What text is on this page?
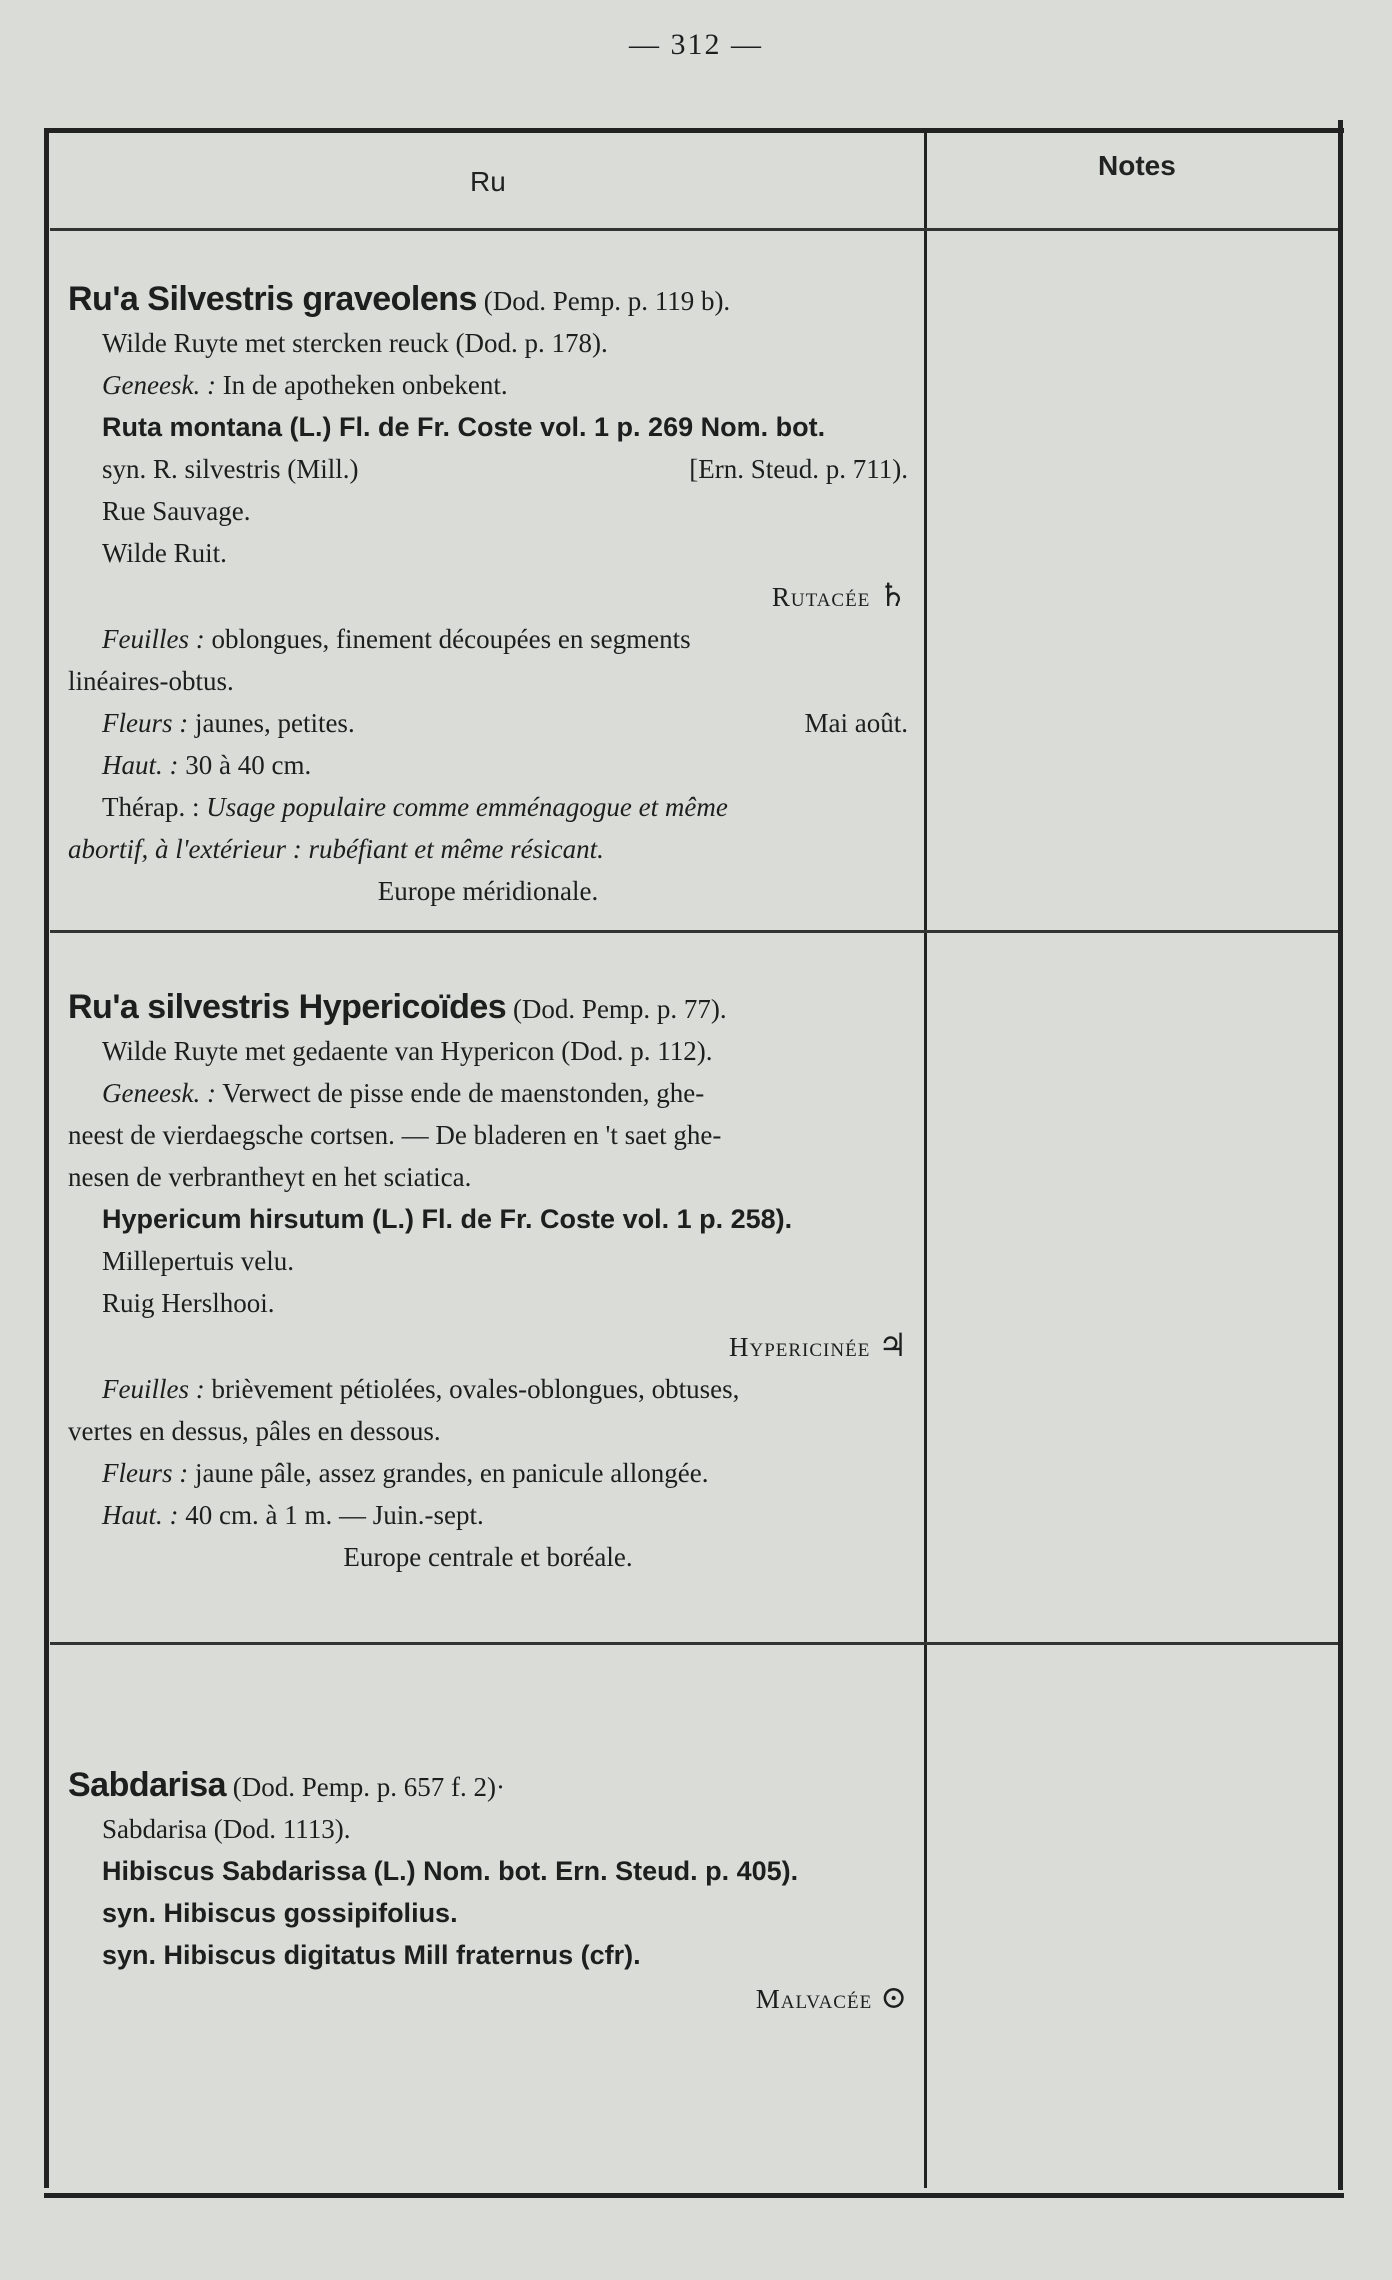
— 312 —
Ru
Notes
Ru'a Silvestris graveolens (Dod. Pemp. p. 119 b).
Wilde Ruyte met stercken reuck (Dod. p. 178).
Geneesk. : In de apotheken onbekent.
Ruta montana (L.) Fl. de Fr. Coste vol. 1 p. 269 Nom. bot.
syn. R. silvestris (Mill.)	[Ern. Steud. p. 711).
Rue Sauvage.
Wilde Ruit.
Rutacée ♄
Feuilles : oblongues, finement découpées en segments
linéaires-obtus.
Fleurs : jaunes, petites.	Mai août.
Haut. : 30 à 40 cm.
Thérap. : Usage populaire comme emménagogue et même
abortif, à l'extérieur : rubéfiant et même résicant.
Europe méridionale.
Ru'a silvestris Hypericoïdes (Dod. Pemp. p. 77).
Wilde Ruyte met gedaente van Hypericon (Dod. p. 112).
Geneesk. : Verwect de pisse ende de maenstonden, ghe-
neest de vierdaegsche cortsen. — De bladeren en 't saet ghe-
nesen de verbrantheyt en het sciatica.
Hypericum hirsutum (L.) Fl. de Fr. Coste vol. 1 p. 258).
Millepertuis velu.
Ruig Herslhooi.
Hypericinée ♃
Feuilles : brièvement pétiolées, ovales-oblongues, obtuses,
vertes en dessus, pâles en dessous.
Fleurs : jaune pâle, assez grandes, en panicule allongée.
Haut. : 40 cm. à 1 m. — Juin.-sept.
Europe centrale et boréale.
Sabdarisa (Dod. Pemp. p. 657 f. 2)·
Sabdarisa (Dod. 1113).
Hibiscus Sabdarissa (L.) Nom. bot. Ern. Steud. p. 405).
syn. Hibiscus gossipifolius.
syn. Hibiscus digitatus Mill fraternus (cfr).
Malvacée ⊙
